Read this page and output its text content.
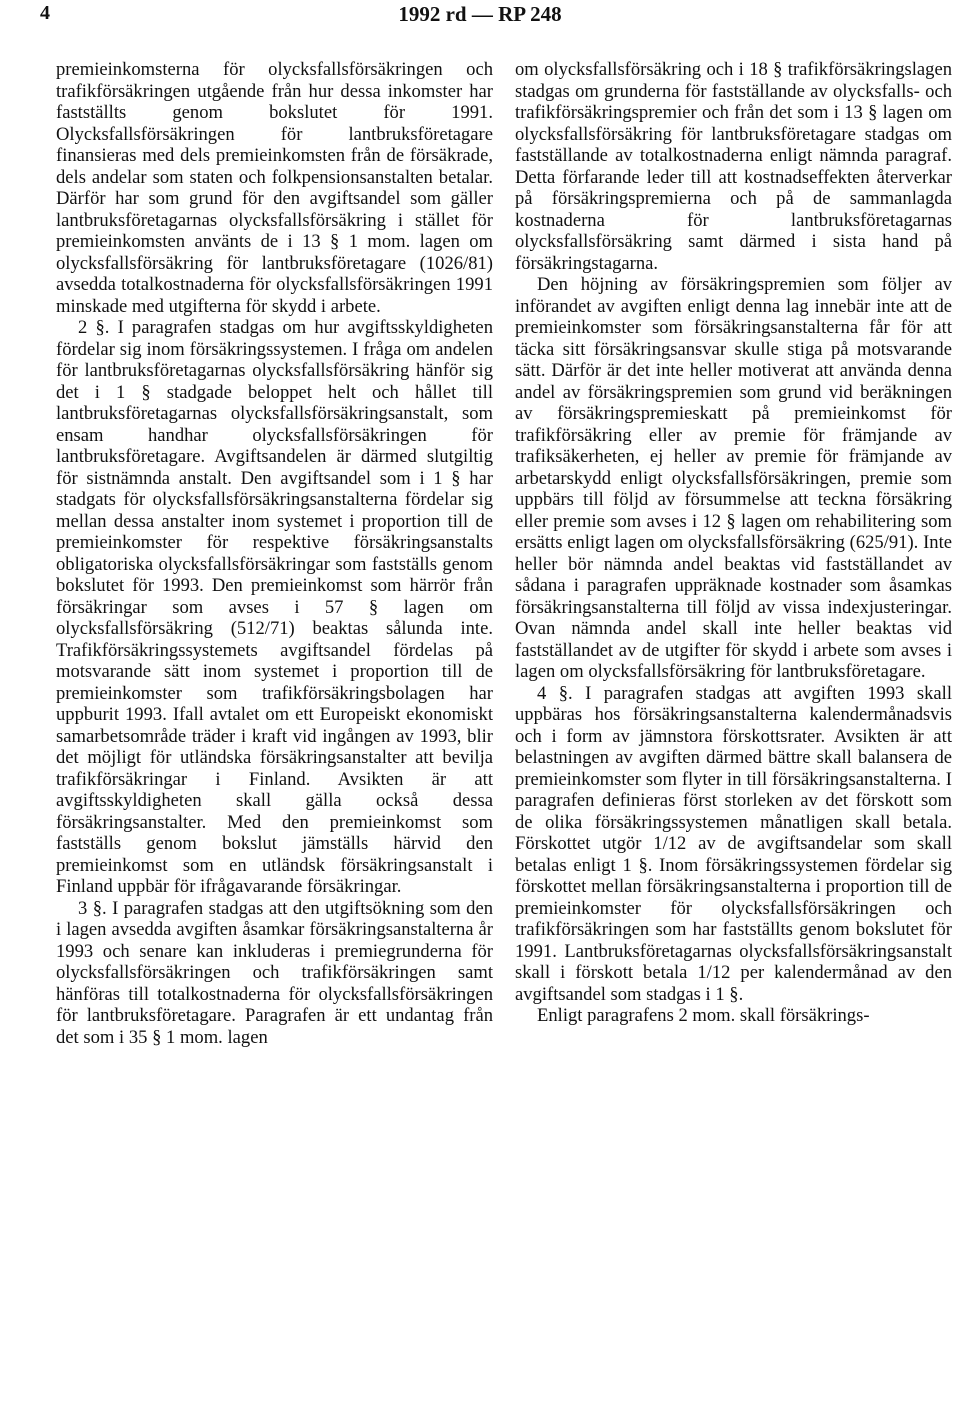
4	1992 rd — RP 248

premieinkomsterna för olycksfallsförsäkringen och trafikförsäkringen utgående från hur dessa inkomster har fastställts genom bokslutet för 1991. Olycksfallsförsäkringen för lantbruksföretagare finansieras med dels premieinkomsten från de försäkrade, dels andelar som staten och folkpensionsanstalten betalar. Därför har som grund för den avgiftsandel som gäller lantbruksföretagarnas olycksfallsförsäkring i stället för premieinkomsten använts de i 13 § 1 mom. lagen om olycksfallsförsäkring för lantbruksföretagare (1026/81) avsedda totalkostnaderna för olycksfallsförsäkringen 1991 minskade med utgifterna för skydd i arbete.

2 §. I paragrafen stadgas om hur avgiftsskyldigheten fördelar sig inom försäkringssystemen. I fråga om andelen för lantbruksföretagarnas olycksfallsförsäkring hänför sig det i 1 § stadgade beloppet helt och hållet till lantbruksföretagarnas olycksfallsförsäkringsanstalt, som ensam handhar olycksfallsförsäkringen för lantbruksföretagare. Avgiftsandelen är därmed slutgiltig för sistnämnda anstalt. Den avgiftsandel som i 1 § har stadgats för olycksfallsförsäkringsanstalterna fördelar sig mellan dessa anstalter inom systemet i proportion till de premieinkomster för respektive försäkringsanstalts obligatoriska olycksfallsförsäkringar som fastställs genom bokslutet för 1993. Den premieinkomst som härrör från försäkringar som avses i 57 § lagen om olycksfallsförsäkring (512/71) beaktas sålunda inte. Trafikförsäkringssystemets avgiftsandel fördelas på motsvarande sätt inom systemet i proportion till de premieinkomster som trafikförsäkringsbolagen har uppburit 1993. Ifall avtalet om ett Europeiskt ekonomiskt samarbetsområde träder i kraft vid ingången av 1993, blir det möjligt för utländska försäkringsanstalter att bevilja trafikförsäkringar i Finland. Avsikten är att avgiftsskyldigheten skall gälla också dessa försäkringsanstalter. Med den premieinkomst som fastställs genom bokslut jämställs härvid den premieinkomst som en utländsk försäkringsanstalt i Finland uppbär för ifrågavarande försäkringar.

3 §. I paragrafen stadgas att den utgiftsökning som den i lagen avsedda avgiften åsamkar försäkringsanstalterna år 1993 och senare kan inkluderas i premiegrunderna för olycksfallsförsäkringen och trafikförsäkringen samt hänföras till totalkostnaderna för olycksfallsförsäkringen för lantbruksföretagare. Paragrafen är ett undantag från det som i 35 § 1 mom. lagen

om olycksfallsförsäkring och i 18 § trafikförsäkringslagen stadgas om grunderna för fastställande av olycksfalls- och trafikförsäkringspremier och från det som i 13 § lagen om olycksfallsförsäkring för lantbruksföretagare stadgas om fastställande av totalkostnaderna enligt nämnda paragraf. Detta förfarande leder till att kostnadseffekten återverkar på försäkringspremierna och på de sammanlagda kostnaderna för lantbruksföretagarnas olycksfallsförsäkring samt därmed i sista hand på försäkringstagarna.

Den höjning av försäkringspremien som följer av införandet av avgiften enligt denna lag innebär inte att de premieinkomster som försäkringsanstalterna får för att täcka sitt försäkringsansvar skulle stiga på motsvarande sätt. Därför är det inte heller motiverat att använda denna andel av försäkringspremien som grund vid beräkningen av försäkringspremieskatt på premieinkomst för trafikförsäkring eller av premie för främjande av trafiksäkerheten, ej heller av premie för främjande av arbetarskydd enligt olycksfallsförsäkringen, premie som uppbärs till följd av försummelse att teckna försäkring eller premie som avses i 12 § lagen om rehabilitering som ersätts enligt lagen om olycksfallsförsäkring (625/91). Inte heller bör nämnda andel beaktas vid fastställandet av sådana i paragrafen uppräknade kostnader som åsamkas försäkringsanstalterna till följd av vissa indexjusteringar. Ovan nämnda andel skall inte heller beaktas vid fastställandet av de utgifter för skydd i arbete som avses i lagen om olycksfallsförsäkring för lantbruksföretagare.

4 §. I paragrafen stadgas att avgiften 1993 skall uppbäras hos försäkringsanstalterna kalendermånadsvis och i form av jämnstora förskottsrater. Avsikten är att belastningen av avgiften därmed bättre skall balansera de premieinkomster som flyter in till försäkringsanstalterna. I paragrafen definieras först storleken av det förskott som de olika försäkringssystemen månatligen skall betala. Förskottet utgör 1/12 av de avgiftsandelar som skall betalas enligt 1 §. Inom försäkringssystemen fördelar sig förskottet mellan försäkringsanstalterna i proportion till de premieinkomster för olycksfallsförsäkringen och trafikförsäkringen som har fastställts genom bokslutet för 1991. Lantbruksföretagarnas olycksfallsförsäkringsanstalt skall i förskott betala 1/12 per kalendermånad av den avgiftsandel som stadgas i 1 §.

Enligt paragrafens 2 mom. skall försäkrings-
